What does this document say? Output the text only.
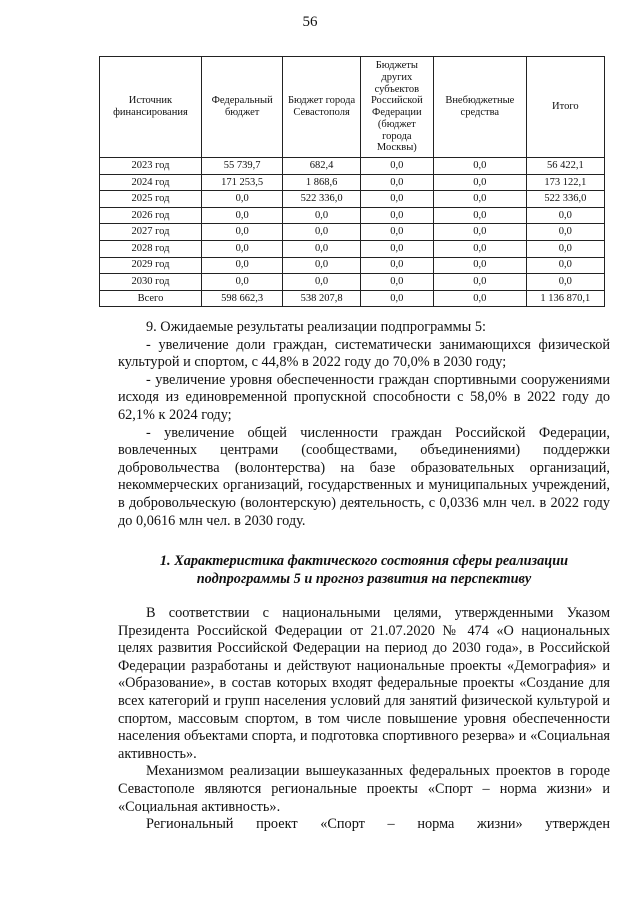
56
Источник финансирования	Федеральный бюджет	Бюджет города Севастополя	Бюджеты других субъектов Российской Федерации (бюджет города Москвы)	Внебюджетные средства	Итого
2023 год	55 739,7	682,4	0,0	0,0	56 422,1
2024 год	171 253,5	1 868,6	0,0	0,0	173 122,1
2025 год	0,0	522 336,0	0,0	0,0	522 336,0
2026 год	0,0	0,0	0,0	0,0	0,0
2027 год	0,0	0,0	0,0	0,0	0,0
2028 год	0,0	0,0	0,0	0,0	0,0
2029 год	0,0	0,0	0,0	0,0	0,0
2030 год	0,0	0,0	0,0	0,0	0,0
Всего	598 662,3	538 207,8	0,0	0,0	1 136 870,1

9. Ожидаемые результаты реализации подпрограммы 5:

- увеличение доли граждан, систематически занимающихся физической культурой и спортом, с 44,8% в 2022 году до 70,0% в 2030 году;

- увеличение уровня обеспеченности граждан спортивными сооружениями исходя из единовременной пропускной способности с 58,0% в 2022 году до 62,1% к 2024 году;

- увеличение общей численности граждан Российской Федерации, вовлеченных центрами (сообществами, объединениями) поддержки добровольчества (волонтерства) на базе образовательных организаций, некоммерческих организаций, государственных и муниципальных учреждений, в добровольческую (волонтерскую) деятельность, с 0,0336 млн чел. в 2022 году до 0,0616 млн чел. в 2030 году.

1. Характеристика фактического состояния сферы реализации подпрограммы 5 и прогноз развития на перспективу

В соответствии с национальными целями, утвержденными Указом Президента Российской Федерации от 21.07.2020 № 474 «О национальных целях развития Российской Федерации на период до 2030 года», в Российской Федерации разработаны и действуют национальные проекты «Демография» и «Образование», в состав которых входят федеральные проекты «Создание для всех категорий и групп населения условий для занятий физической культурой и спортом, массовым спортом, в том числе повышение уровня обеспеченности населения объектами спорта, и подготовка спортивного резерва» и «Социальная активность».

Механизмом реализации вышеуказанных федеральных проектов в городе Севастополе являются региональные проекты «Спорт – норма жизни» и «Социальная активность».

Региональный проект «Спорт – норма жизни» утвержден
